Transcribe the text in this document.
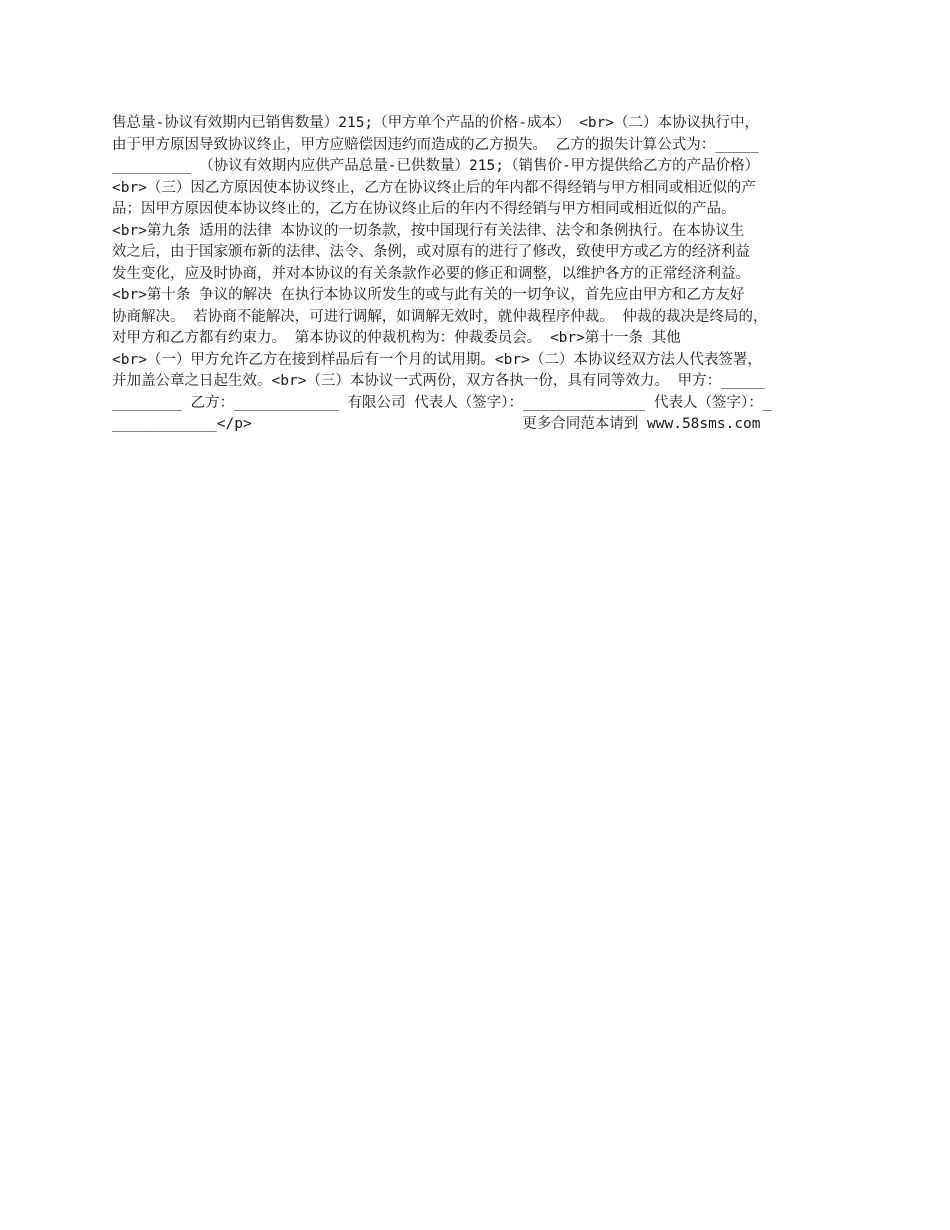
售总量-协议有效期内已销售数量）215;（甲方单个产品的价格-成本） <br>（二）本协议执行中，
由于甲方原因导致协议终止，甲方应赔偿因违约而造成的乙方损失。 乙方的损失计算公式为：_____
_________ （协议有效期内应供产品总量-已供数量）215;（销售价-甲方提供给乙方的产品价格）
<br>（三）因乙方原因使本协议终止，乙方在协议终止后的年内都不得经销与甲方相同或相近似的产
品；因甲方原因使本协议终止的，乙方在协议终止后的年内不得经销与甲方相同或相近似的产品。
<br>第九条 适用的法律 本协议的一切条款，按中国现行有关法律、法令和条例执行。在本协议生
效之后，由于国家颁布新的法律、法令、条例，或对原有的进行了修改，致使甲方或乙方的经济利益
发生变化，应及时协商，并对本协议的有关条款作必要的修正和调整，以维护各方的正常经济利益。
<br>第十条 争议的解决 在执行本协议所发生的或与此有关的一切争议，首先应由甲方和乙方友好
协商解决。 若协商不能解决，可进行调解，如调解无效时，就仲裁程序仲裁。 仲裁的裁决是终局的，
对甲方和乙方都有约束力。 第本协议的仲裁机构为：仲裁委员会。 <br>第十一条 其他
<br>（一）甲方允许乙方在接到样品后有一个月的试用期。<br>（二）本协议经双方法人代表签署，
并加盖公章之日起生效。<br>（三）本协议一式两份，双方各执一份，具有同等效力。 甲方：_____
________ 乙方：____________ 有限公司 代表人（签字）：______________ 代表人（签字）：_
____________</p>                               更多合同范本请到 www.58sms.com
